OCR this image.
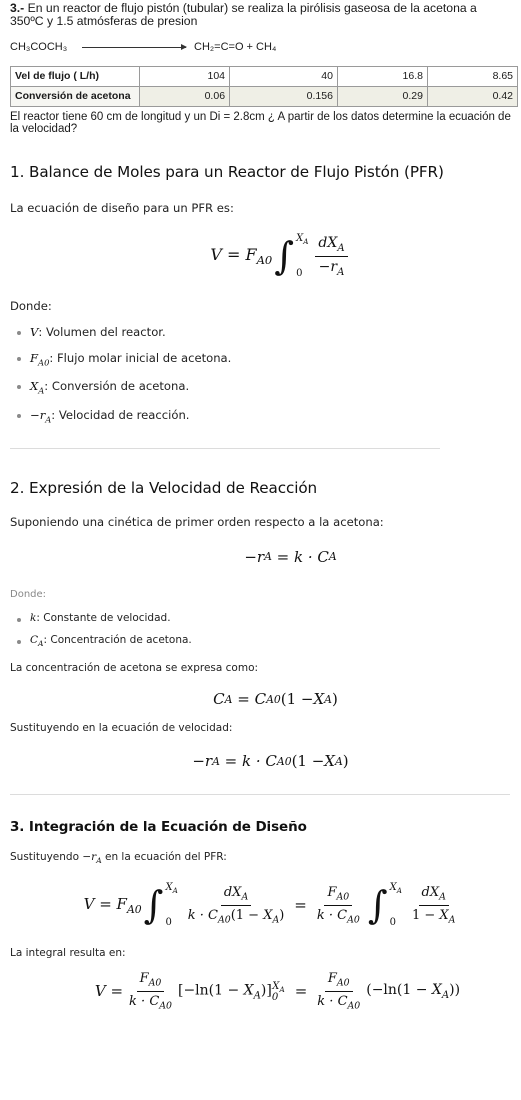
3.- En un reactor de flujo pistón (tubular) se realiza la pirólisis gaseosa de la acetona a 350ºC y 1.5 atmósferas de presion
CH₃COCH₃	CH₂=C=O + CH₄
Vel de flujo ( L/h)	104	40	16.8	8.65
Conversión de acetona	0.06	0.156	0.29	0.42
El reactor tiene 60 cm de longitud y un Di = 2.8cm ¿ A partir de los datos determine la ecuación de la velocidad?
1. Balance de Moles para un Reactor de Flujo Pistón (PFR)

La ecuación de diseño para un PFR es:

$V = F_{A0}$ ∫ $X_A$
$0 \frac{dX_A}{-r_A}$

Donde:

V: Volumen del reactor.
$F_{A0}$: Flujo molar inicial de acetona.
$X_A$: Conversión de acetona.
$-r_A$: Velocidad de reacción.
2. Expresión de la Velocidad de Reacción

Suponiendo una cinética de primer orden respecto a la acetona:

−r A = k · C A

Donde:

k: Constante de velocidad.
$C_A$: Concentración de acetona.

La concentración de acetona se expresa como:

C A = C A0 (1 − X A )

Sustituyendo en la ecuación de velocidad:

−r A = k · C A0 (1 − X A )
3. Integración de la Ecuación de Diseño

Sustituyendo $-r_A$ en la ecuación del PFR:

$V = F_{A0}$ ∫ $X_A$
$0 \frac{dX_A}{k \cdot C_{A0}(1 - X_A)} = \frac{F_{A0}}{k \cdot C_{A0}}$ ∫ $X_A$
$0 \frac{dX_A}{1 - X_A}$

La integral resulta en:

$V = \frac{F_{A0}}{k \cdot C_{A0}} [-\ln(1 - X_A)]_0^{X_A} = \frac{F_{A0}}{k \cdot C_{A0}} (-\ln(1 - X_A))$
